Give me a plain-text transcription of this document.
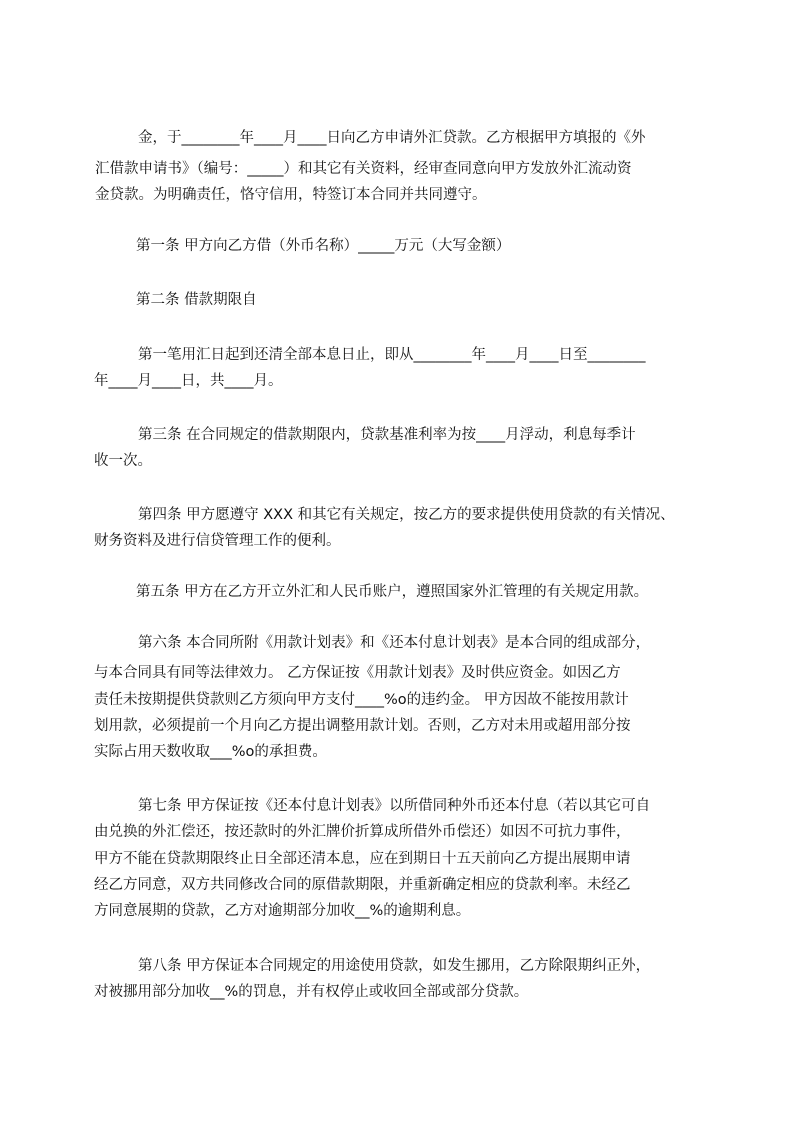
金，于________年____月____日向乙方申请外汇贷款。乙方根据甲方填报的《外

汇借款申请书》（编号：_____）和其它有关资料，经审查同意向甲方发放外汇流动资

金贷款。为明确责任，恪守信用，特签订本合同并共同遵守。

第一条 甲方向乙方借（外币名称）_____万元（大写金额）

第二条 借款期限自

第一笔用汇日起到还清全部本息日止，即从________年____月____日至________

年____月____日，共____月。

第三条 在合同规定的借款期限内，贷款基准利率为按____月浮动，利息每季计

收一次。

第四条 甲方愿遵守 XXX 和其它有关规定，按乙方的要求提供使用贷款的有关情况、

财务资料及进行信贷管理工作的便利。

第五条 甲方在乙方开立外汇和人民币账户，遵照国家外汇管理的有关规定用款。

第六条 本合同所附《用款计划表》和《还本付息计划表》是本合同的组成部分，

与本合同具有同等法律效力。 乙方保证按《用款计划表》及时供应资金。如因乙方

责任未按期提供贷款则乙方须向甲方支付____%o的违约金。 甲方因故不能按用款计

划用款，必须提前一个月向乙方提出调整用款计划。否则，乙方对未用或超用部分按

实际占用天数收取___%o的承担费。

第七条 甲方保证按《还本付息计划表》以所借同种外币还本付息（若以其它可自

由兑换的外汇偿还，按还款时的外汇牌价折算成所借外币偿还）如因不可抗力事件，

甲方不能在贷款期限终止日全部还清本息，应在到期日十五天前向乙方提出展期申请

经乙方同意，双方共同修改合同的原借款期限，并重新确定相应的贷款利率。未经乙

方同意展期的贷款，乙方对逾期部分加收__%的逾期利息。

第八条 甲方保证本合同规定的用途使用贷款，如发生挪用，乙方除限期纠正外，

对被挪用部分加收__%的罚息，并有权停止或收回全部或部分贷款。
